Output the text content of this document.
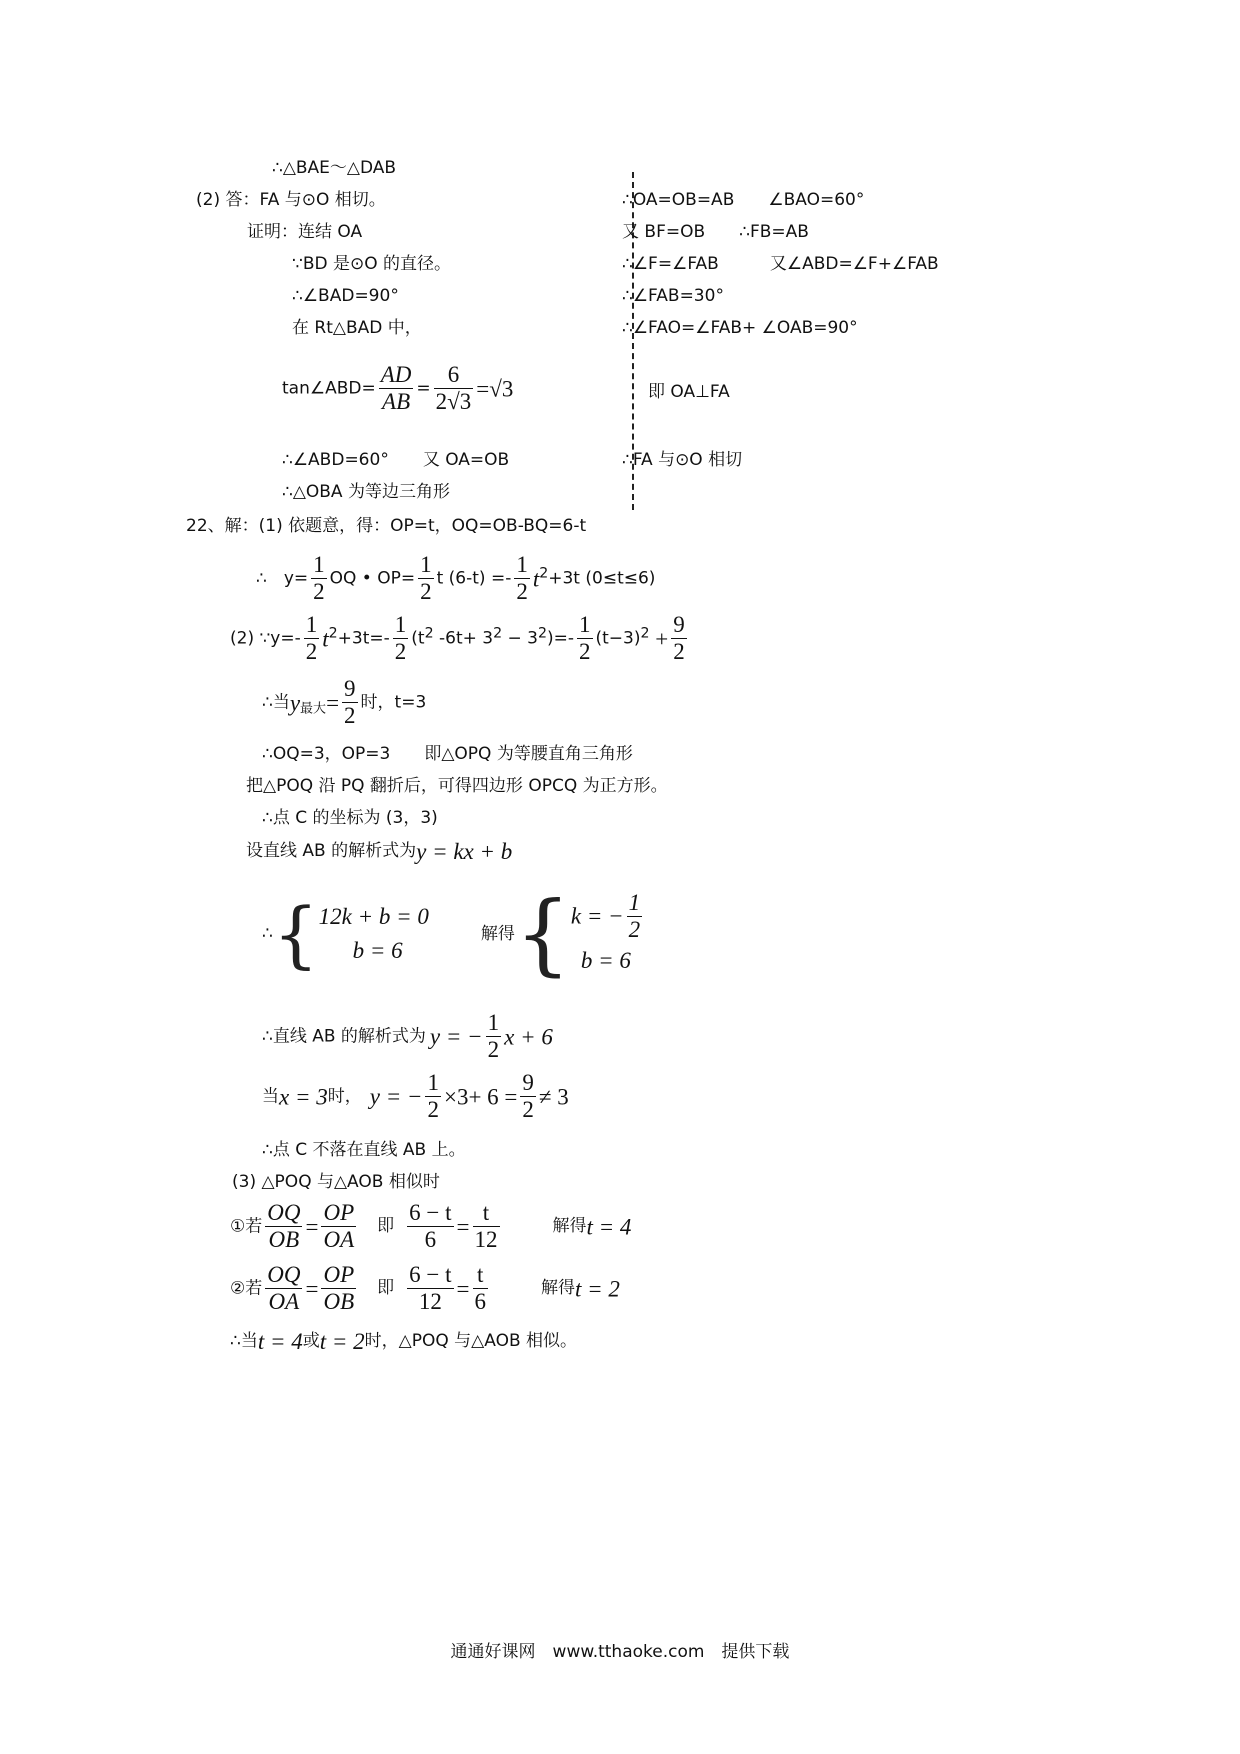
∴△BAE～△DAB
(2) 答：FA 与⊙O 相切。
证明：连结 OA
∵BD 是⊙O 的直径。
∴∠BAD=90°
在 Rt△BAD 中，
tan∠ABD= $\frac{AD}{AB} = \frac{6}{2√3} =√3$
∴∠ABD=60°　　又 OA=OB
∴△OBA 为等边三角形
∴OA=OB=AB　　∠BAO=60°
又 BF=OB　　∴FB=AB
∴∠F=∠FAB　　　又∠ABD=∠F+∠FAB
∴∠FAB=30°
∴∠FAO=∠FAB+ ∠OAB=90°
即 OA⊥FA
∴FA 与⊙O 相切
22、解：(1) 依题意，得：OP=t，OQ=OB-BQ=6-t
∴　$y= \frac{1}{2}$ OQ • $OP= \frac{1}{2}$ t $(6-t) =- \frac{1}{2} t^2+3t$ (0≤t≤6)
(2) ∵y=- $\frac{1}{2} t^2+3t=- \frac{1}{2} (t^2$ $-6t+ 3^2 - 3^2)=- \frac{1}{2} (t-3)^2 + \frac{9}{2}$
∴当$y_{最大}= \frac{9}{2}$ 时，t=3
∴OQ=3，OP=3　　即△OPQ 为等腰直角三角形
把△POQ 沿 PQ 翻折后，可得四边形 OPCQ 为正方形。
∴点 C 的坐标为 (3，3)
设直线 AB 的解析式为y = kx + b
∴{ 12k + b = 0
b = 6
解得{ k = − $\frac{1}{2}$
b = 6
∴直线 AB 的解析式为 y = − $\frac{1}{2}$ x + 6
当x = 3时， y = − $\frac{1}{2} \times 3+ 6 = \frac{9}{2} \ne 3$
∴点 C 不落在直线 AB 上。
(3) △POQ 与△AOB 相似时
①若 $\frac{OQ}{OB} = \frac{OP}{OA}$ 即 $\frac{6 - t}{6} = \frac{t}{12}$	解得t = 4
②若 $\frac{OQ}{OA} = \frac{OP}{OB}$ 即 $\frac{6 - t}{12} = \frac{t}{6}$	解得t = 2
∴当t = 4或t = 2时，△POQ 与△AOB 相似。
通通好课网　www.tthaoke.com　提供下载
